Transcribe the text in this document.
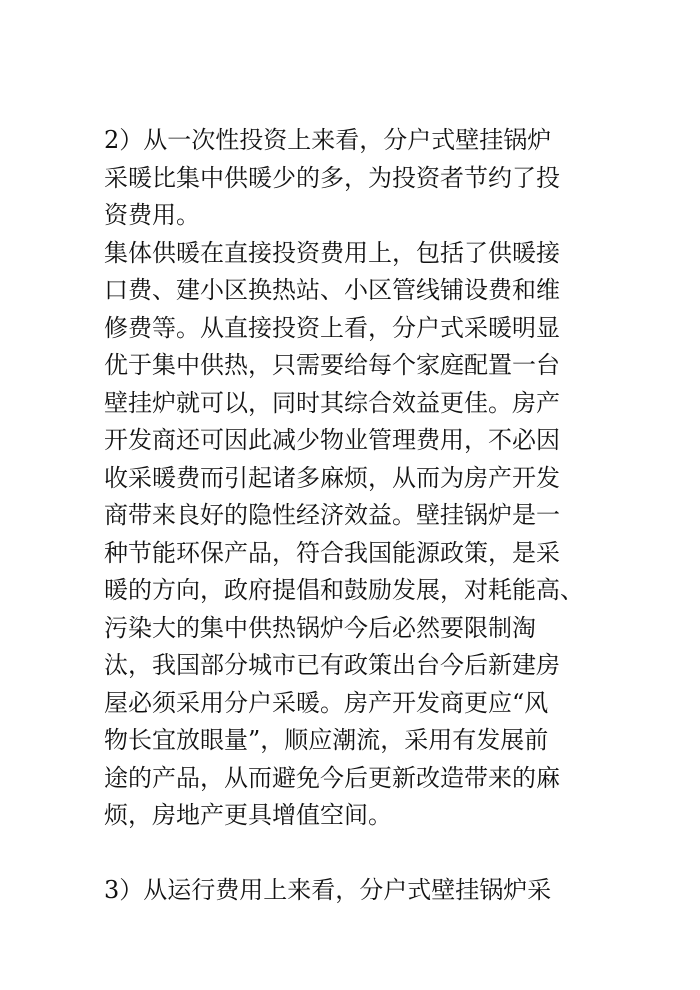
2）从一次性投资上来看，分户式壁挂锅炉
采暖比集中供暖少的多，为投资者节约了投
资费用。
集体供暖在直接投资费用上，包括了供暖接
口费、建小区换热站、小区管线铺设费和维
修费等。从直接投资上看，分户式采暖明显
优于集中供热，只需要给每个家庭配置一台
壁挂炉就可以，同时其综合效益更佳。房产
开发商还可因此减少物业管理费用，不必因
收采暖费而引起诸多麻烦，从而为房产开发
商带来良好的隐性经济效益。壁挂锅炉是一
种节能环保产品，符合我国能源政策，是采
暖的方向，政府提倡和鼓励发展，对耗能高、
污染大的集中供热锅炉今后必然要限制淘
汰，我国部分城市已有政策出台今后新建房
屋必须采用分户采暖。房产开发商更应“风
物长宜放眼量”，顺应潮流，采用有发展前
途的产品，从而避免今后更新改造带来的麻
烦，房地产更具增值空间。
3）从运行费用上来看，分户式壁挂锅炉采
